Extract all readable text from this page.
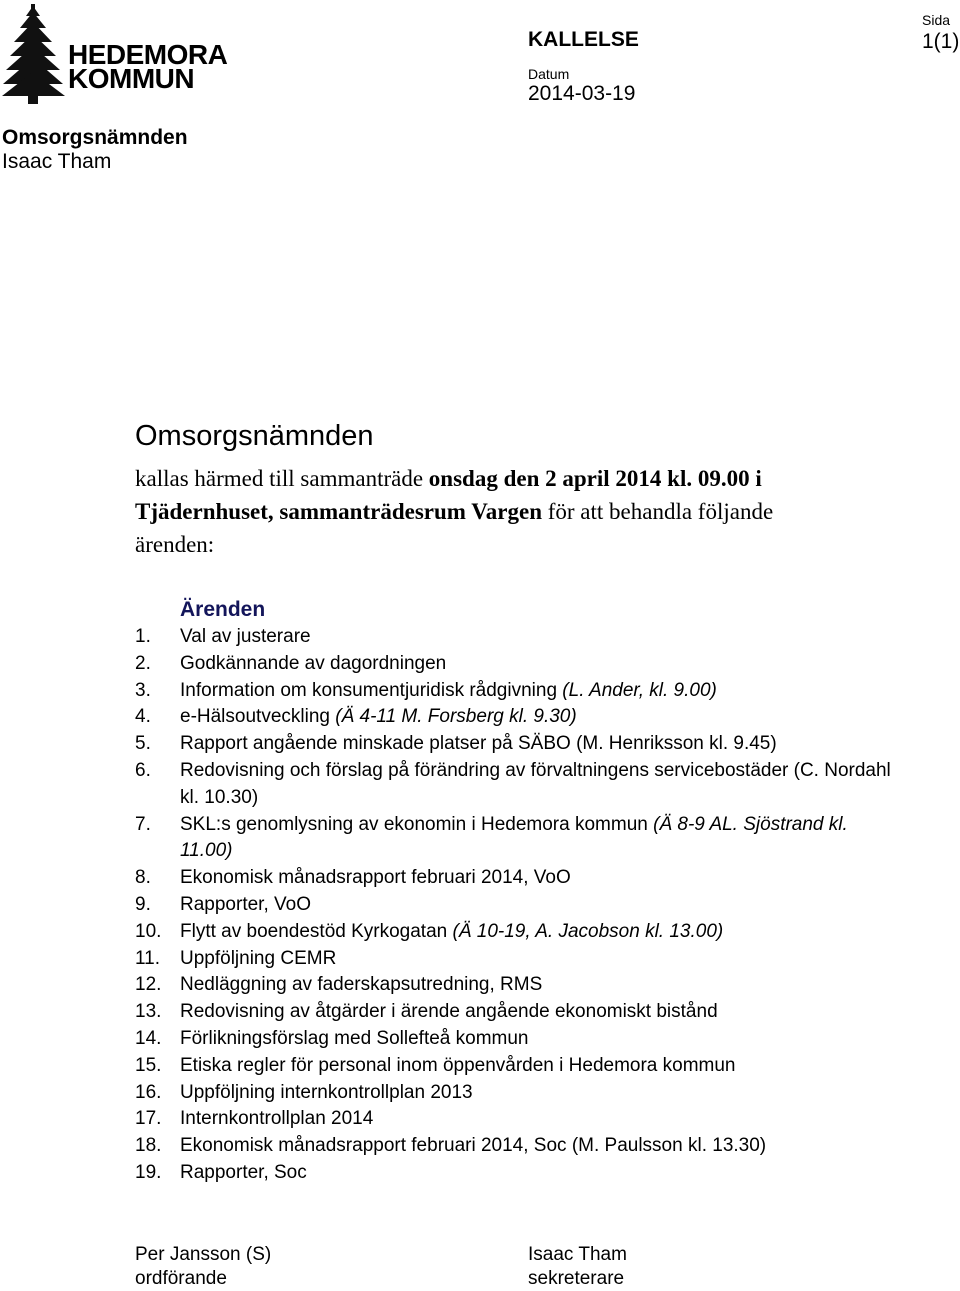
HEDEMORA
KOMMUN
KALLELSE
Datum
2014-03-19
Sida
1(1)
Omsorgsnämnden
Isaac Tham
Omsorgsnämnden
kallas härmed till sammanträde onsdag den 2 april 2014 kl. 09.00 i Tjädernhuset, sammanträdesrum Vargen för att behandla följande ärenden:
Ärenden
1.	Val av justerare
2.	Godkännande av dagordningen
3.	Information om konsumentjuridisk rådgivning (L. Ander, kl. 9.00)
4.	e-Hälsoutveckling (Ä 4-11 M. Forsberg kl. 9.30)
5.	Rapport angående minskade platser på SÄBO (M. Henriksson kl. 9.45)
6.	Redovisning och förslag på förändring av förvaltningens servicebostäder (C. Nordahl kl. 10.30)
7.	SKL:s genomlysning av ekonomin i Hedemora kommun (Ä 8-9 AL. Sjöstrand kl. 11.00)
8.	Ekonomisk månadsrapport februari 2014, VoO
9.	Rapporter, VoO
10. Flytt av boendestöd Kyrkogatan (Ä 10-19, A. Jacobson kl. 13.00)
11.	Uppföljning CEMR
12. Nedläggning av faderskapsutredning, RMS
13. Redovisning av åtgärder i ärende angående ekonomiskt bistånd
14. Förlikningsförslag med Sollefteå kommun
15. Etiska regler för personal inom öppenvården i Hedemora kommun
16. Uppföljning internkontrollplan 2013
17. Internkontrollplan 2014
18. Ekonomisk månadsrapport februari 2014, Soc (M. Paulsson kl. 13.30)
19. Rapporter, Soc
Per Jansson (S)
ordförande
Isaac Tham
sekreterare
